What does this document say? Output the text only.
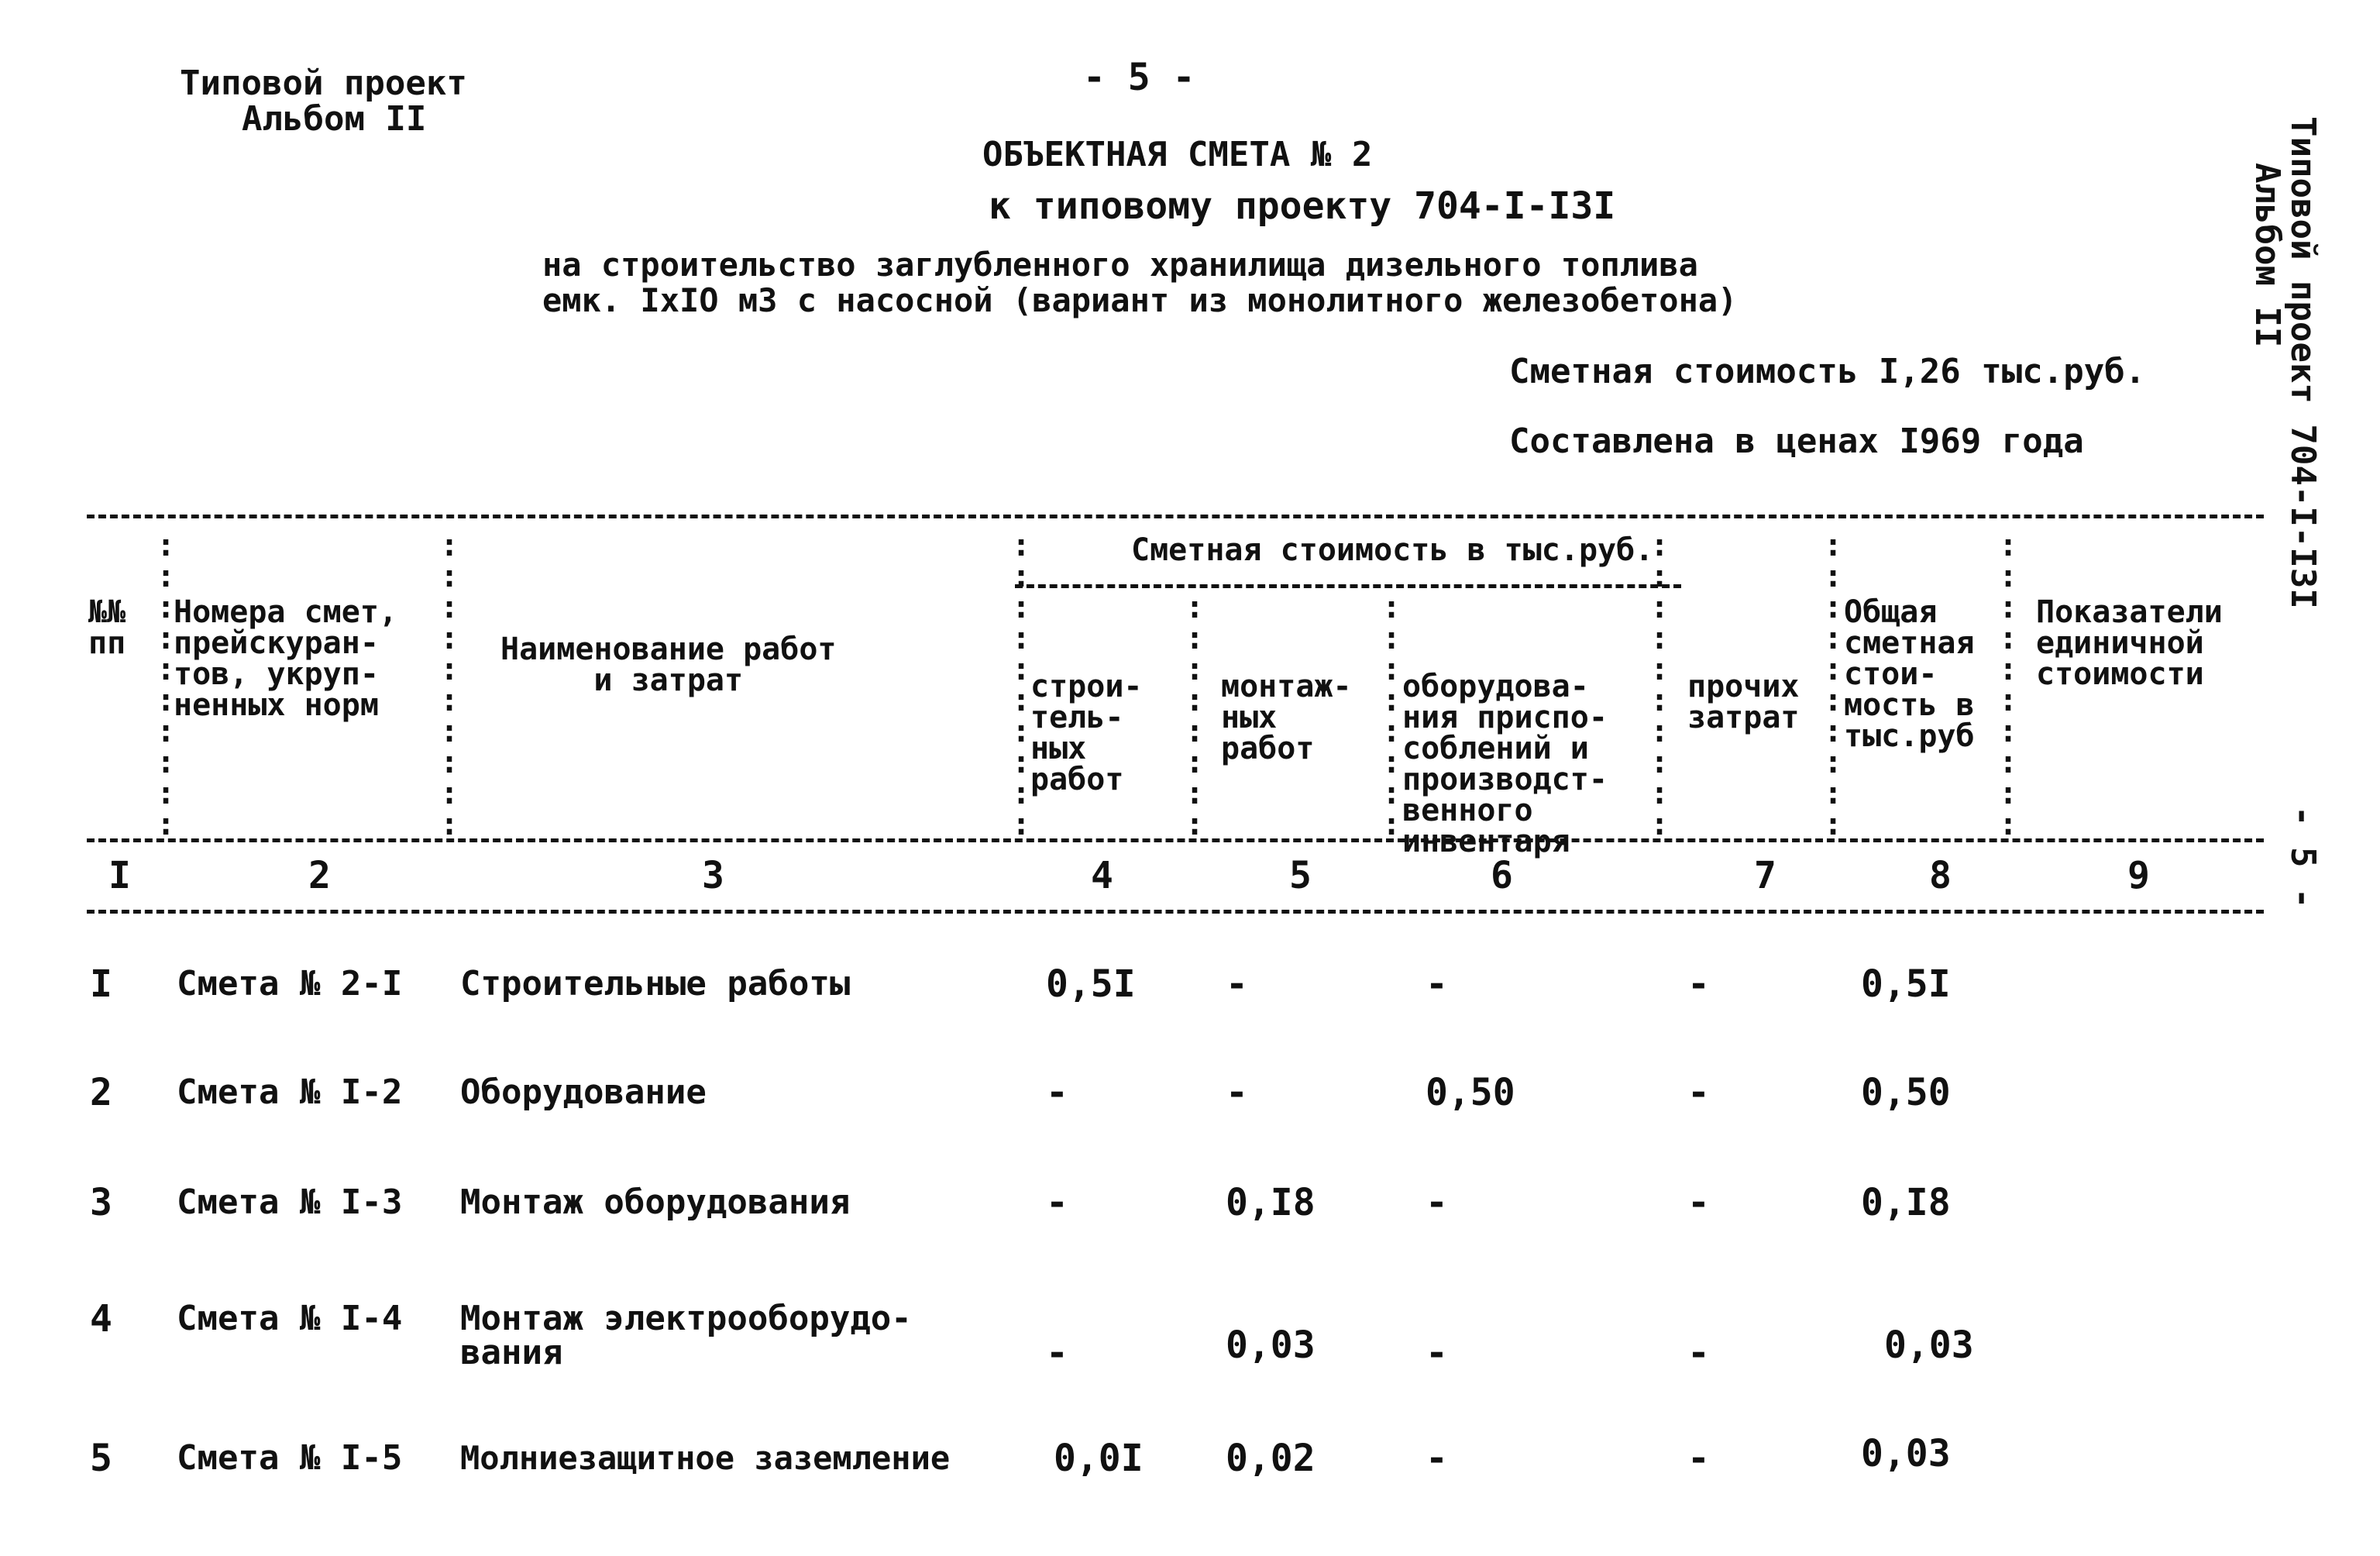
Типовой проект
Альбом II
- 5 -
ОБЪЕКТНАЯ СМЕТА № 2
к типовому проекту 704-I-I3I
на строительство заглубленного хранилища дизельного топлива
емк. IxIO м3 с насосной (вариант из монолитного железобетона)
Сметная стоимость I,26 тыс.руб.
Составлена в ценах I969 года	Типовой проект 704-I-I3I
Альбом II
- 5 -
:
:
:
:
:
:
:
:
:
:
:
:
:
:
:
:
:
:
:
:
:
:
:
:
:
:
:
:
:
:
:
:
:
:
:
:
:
:
:
:
:
:
:
:
:
:
:
:
:
:
:
:
:
:
:
:
:
:
:
:
:
:
:
:
:
:
:
:
:
:
:
:
:
:
:
:
Сметная стоимость в тыс.руб.

№№
пп

Номера смет,
прейскуран-
тов, укруп-
ненных норм

Наименование работ
и затрат

	строи-
тель-
ных
работ

монтаж-
ных
работ

оборудова-
ния приспо-
соблений и
производст-
венного
инвентаря

прочих
затрат

Общая
сметная
стои-
мость в
тыс.руб

Показатели
единичной
стоимости

I	2	3	4	5	6	7	8	9
I Смета № 2-I Строительные работы	0,5I -	-	-	0,5I
2 Смета № I-2 Оборудование	-	-	0,50	-	0,50
3 Смета № I-3 Монтаж оборудования	-	0,I8	-	-	0,I8
4 Смета № I-4 Монтаж электрооборудо-
вания	-	0,03	-	-	0,03
5 Смета № I-5 Молниезащитное заземление	0,0I 0,02	-	-	0,03
